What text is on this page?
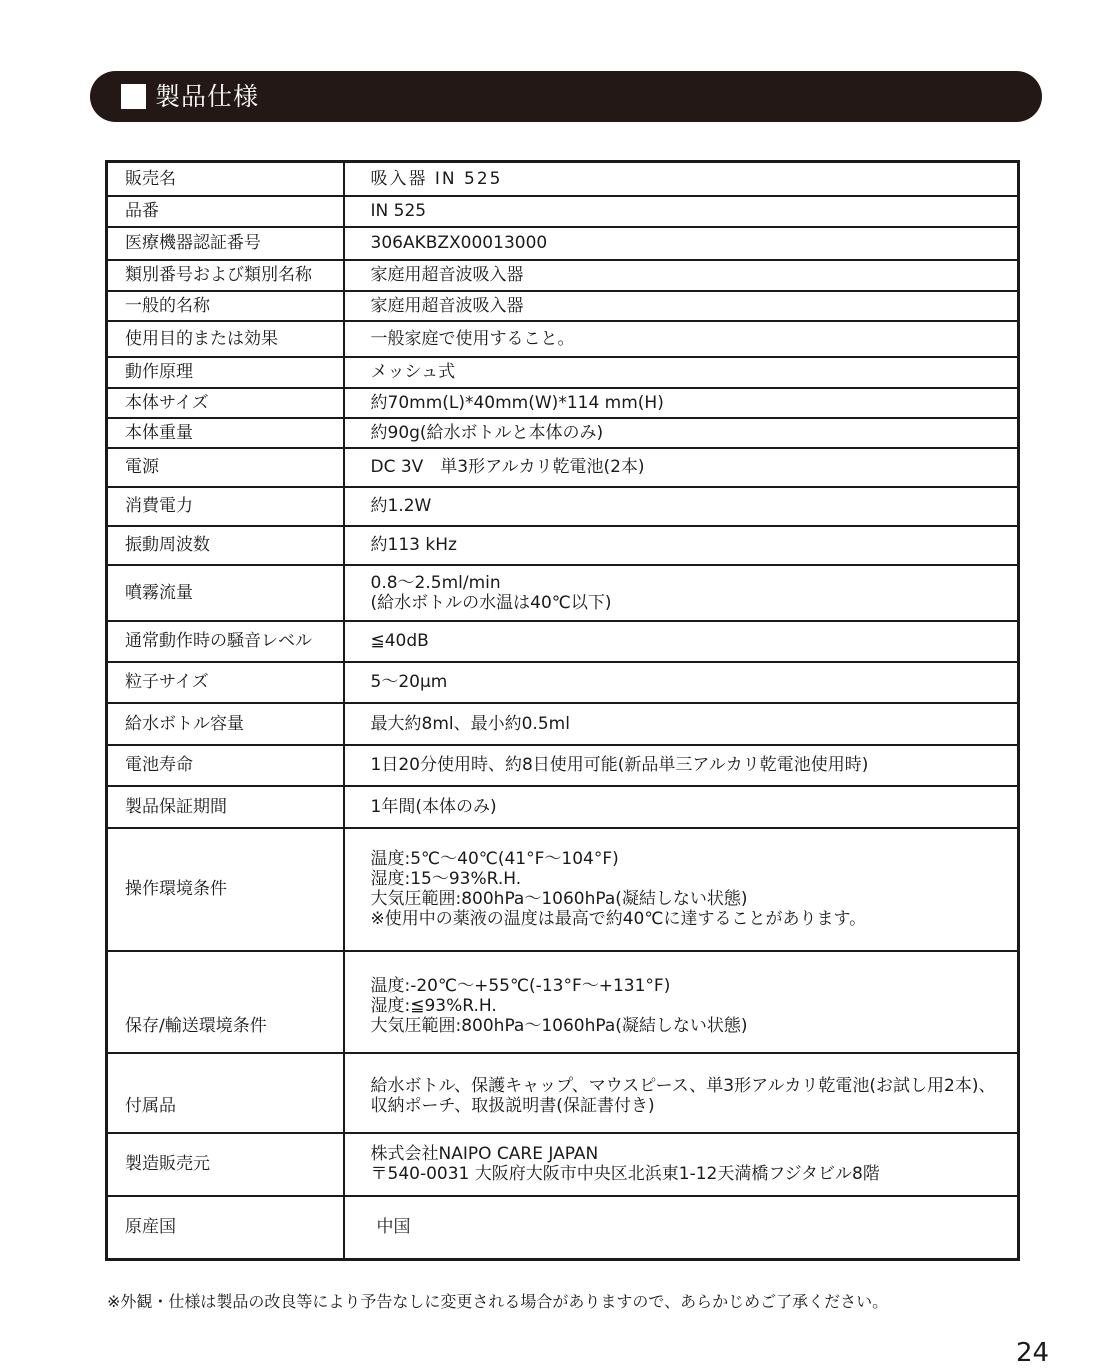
製品仕様
販売名	吸入器 IN 525
品番	IN 525
医療機器認証番号	306AKBZX00013000
類別番号および類別名称	家庭用超音波吸入器
一般的名称	家庭用超音波吸入器
使用目的または効果	一般家庭で使用すること。
動作原理	メッシュ式
本体サイズ	約70mm(L)*40mm(W)*114 mm(H)
本体重量	約90g(給水ボトルと本体のみ)
電源	DC 3V　単3形アルカリ乾電池(2本)
消費電力	約1.2W
振動周波数	約113 kHz
噴霧流量	0.8〜2.5ml/min
(給水ボトルの水温は40℃以下)
通常動作時の騒音レベル	≦40dB
粒子サイズ	5〜20μm
給水ボトル容量	最大約8ml、最小約0.5ml
電池寿命	1日20分使用時、約8日使用可能(新品単三アルカリ乾電池使用時)
製品保証期間	1年間(本体のみ)
操作環境条件	温度:5℃〜40℃(41°F〜104°F)
湿度:15〜93%R.H.
大気圧範囲:800hPa〜1060hPa(凝結しない状態)
※使用中の薬液の温度は最高で約40℃に達することがあります。
保存/輸送環境条件	温度:-20℃〜+55℃(-13°F〜+131°F)
湿度:≦93%R.H.
大気圧範囲:800hPa〜1060hPa(凝結しない状態)
付属品	給水ボトル、保護キャップ、マウスピース、単3形アルカリ乾電池(お試し用2本)、
収納ポーチ、取扱説明書(保証書付き)
製造販売元	株式会社NAIPO CARE JAPAN
〒540-0031 大阪府大阪市中央区北浜東1-12天満橋フジタビル8階
原産国	中国
※外観・仕様は製品の改良等により予告なしに変更される場合がありますので、あらかじめご了承ください。
24
